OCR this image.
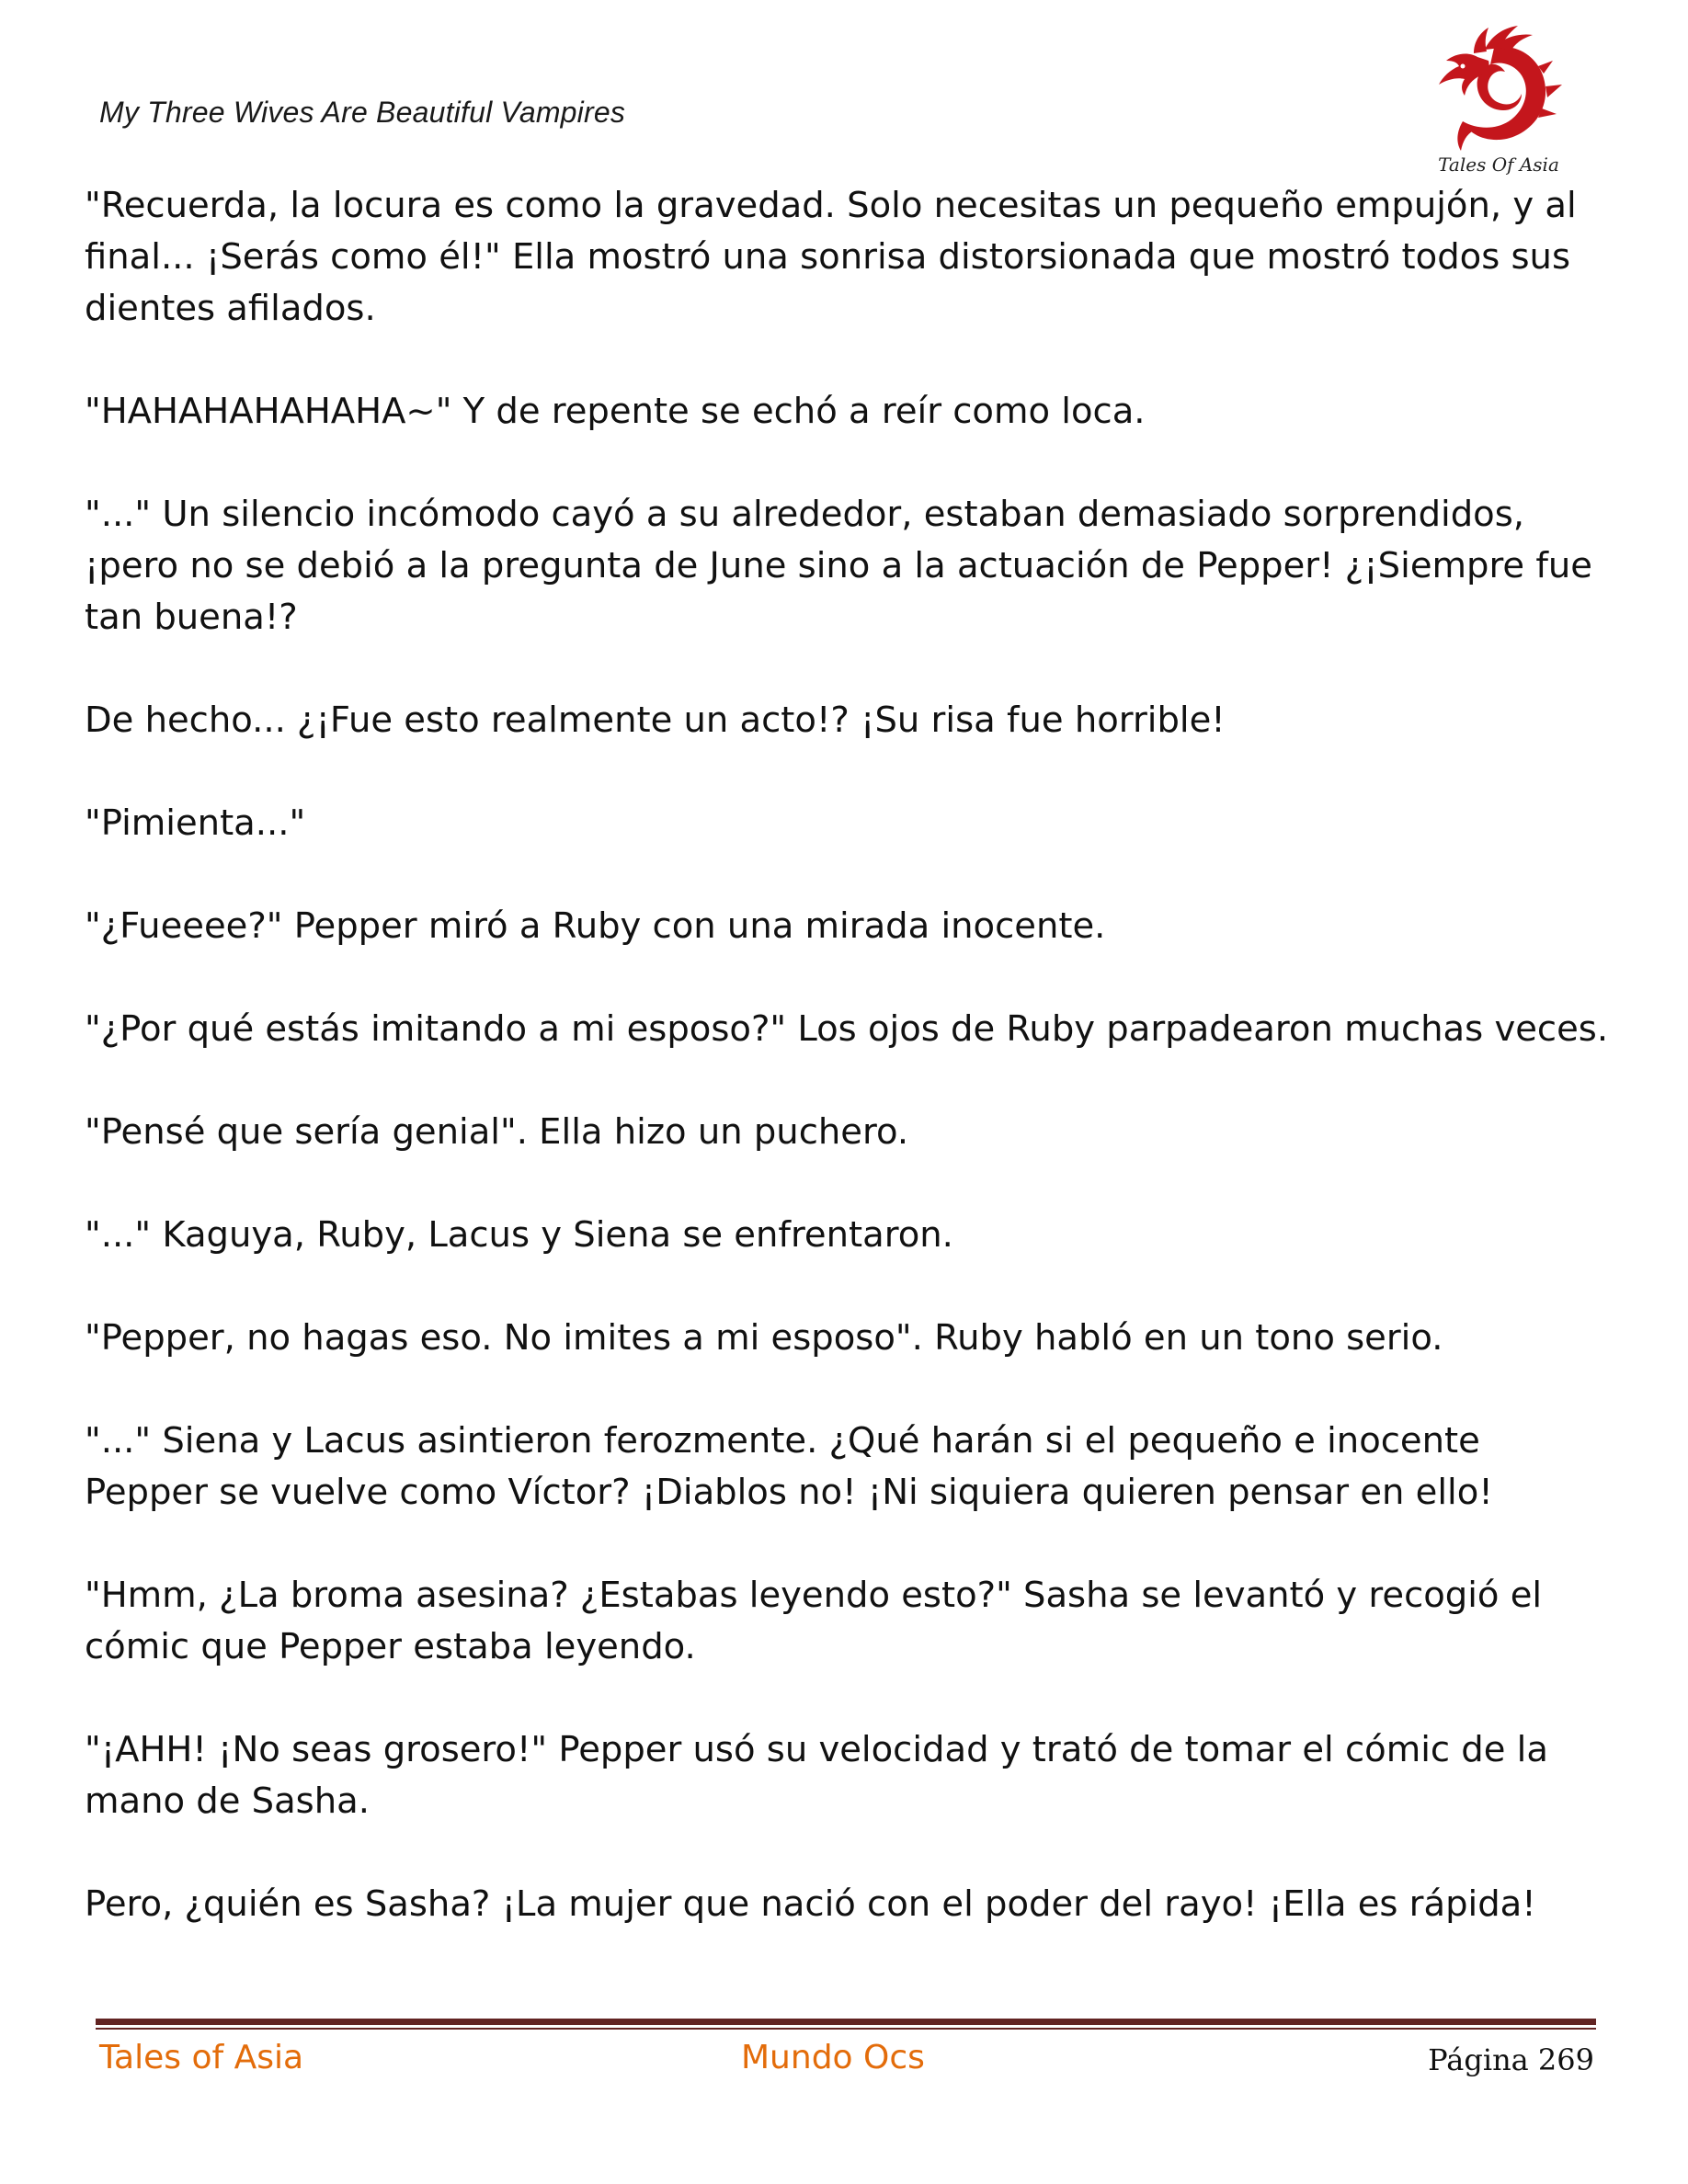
My Three Wives Are Beautiful Vampires
Tales Of Asia

"Recuerda, la locura es como la gravedad. Solo necesitas un pequeño empujón, y al final... ¡Serás como él!" Ella mostró una sonrisa distorsionada que mostró todos sus dientes afilados.

"HAHAHAHAHAHA~" Y de repente se echó a reír como loca.

"..." Un silencio incómodo cayó a su alrededor, estaban demasiado sorprendidos, ¡pero no se debió a la pregunta de June sino a la actuación de Pepper! ¿¡Siempre fue tan buena!?

De hecho... ¿¡Fue esto realmente un acto!? ¡Su risa fue horrible!

"Pimienta..."

"¿Fueeee?" Pepper miró a Ruby con una mirada inocente.

"¿Por qué estás imitando a mi esposo?" Los ojos de Ruby parpadearon muchas veces.

"Pensé que sería genial". Ella hizo un puchero.

"..." Kaguya, Ruby, Lacus y Siena se enfrentaron.

"Pepper, no hagas eso. No imites a mi esposo". Ruby habló en un tono serio.

"..." Siena y Lacus asintieron ferozmente. ¿Qué harán si el pequeño e inocente Pepper se vuelve como Víctor? ¡Diablos no! ¡Ni siquiera quieren pensar en ello!

"Hmm, ¿La broma asesina? ¿Estabas leyendo esto?" Sasha se levantó y recogió el cómic que Pepper estaba leyendo.

"¡AHH! ¡No seas grosero!" Pepper usó su velocidad y trató de tomar el cómic de la mano de Sasha.

Pero, ¿quién es Sasha? ¡La mujer que nació con el poder del rayo! ¡Ella es rápida!

Tales of Asia	Mundo Ocs	Página 269
